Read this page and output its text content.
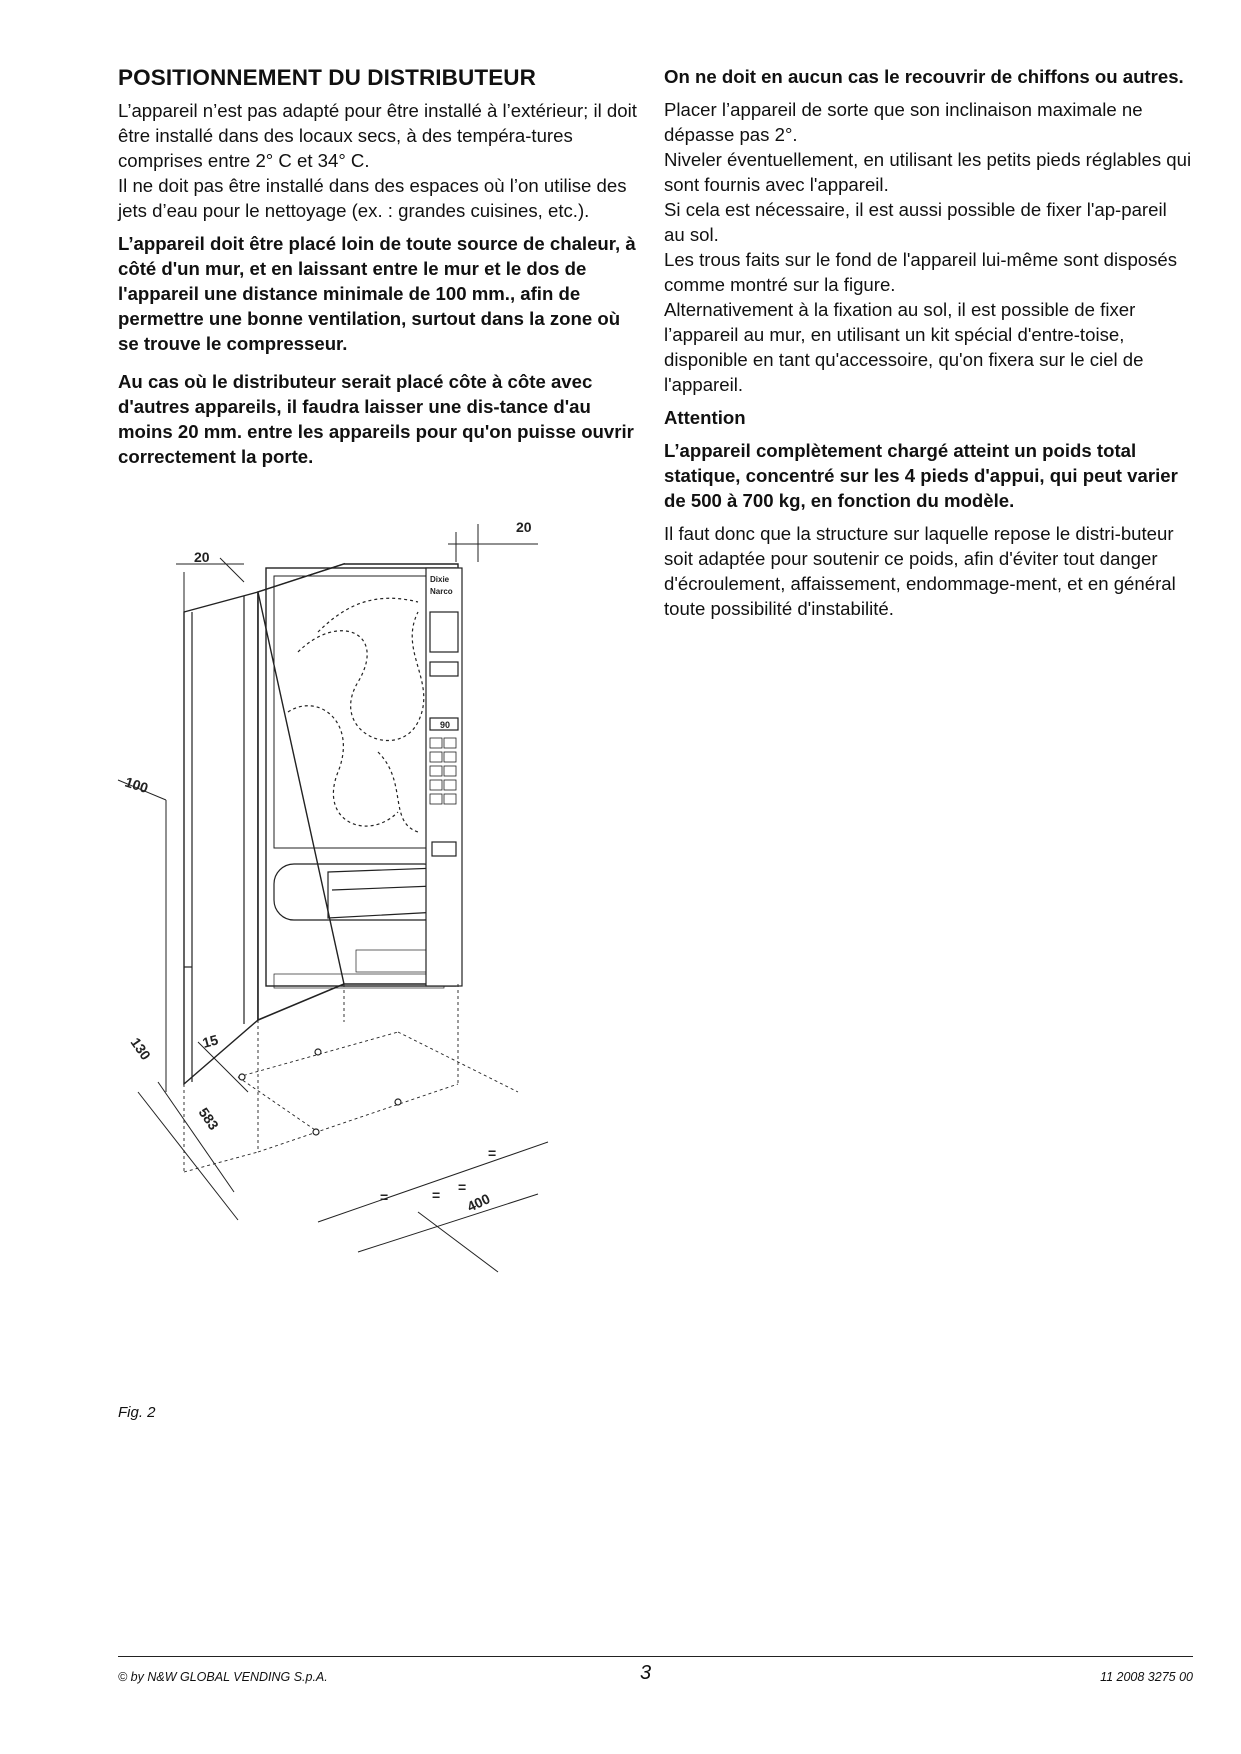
POSITIONNEMENT DU DISTRIBUTEUR

L’appareil n’est pas adapté pour être installé à l’extérieur; il doit être installé dans des locaux secs, à des tempéra-tures comprises entre 2° C et 34° C.

Il ne doit pas être installé dans des espaces où l’on utilise des jets d’eau pour le nettoyage (ex. : grandes cuisines, etc.).

L’appareil doit être placé loin de toute source de chaleur, à côté d'un mur, et en laissant entre le mur et le dos de l'appareil une distance minimale de 100 mm., afin de permettre une bonne ventilation, surtout dans la zone où se trouve le compresseur.

Au cas où le distributeur serait placé côte à côte avec d'autres appareils, il faudra laisser une dis-tance d'au moins 20 mm. entre les appareils pour qu'on puisse ouvrir correctement la porte.

On ne doit en aucun cas le recouvrir de chiffons ou autres.

Placer l’appareil de sorte que son inclinaison maximale ne dépasse pas 2°.

Niveler éventuellement, en utilisant les petits pieds réglables qui sont fournis avec l'appareil.

Si cela est nécessaire, il est aussi possible de fixer l'ap-pareil au sol.

Les trous faits sur le fond de l'appareil lui-même sont disposés comme montré sur la figure.

Alternativement à la fixation au sol, il est possible de fixer l’appareil au mur, en utilisant un kit spécial d'entre-toise, disponible en tant qu'accessoire, qu'on fixera sur le ciel de l'appareil.

Attention

L’appareil complètement chargé atteint un poids total statique, concentré sur les 4 pieds d'appui, qui peut varier de 500 à 700 kg, en fonction du modèle.

Il faut donc que la structure sur laquelle repose le distri-buteur soit adaptée pour soutenir ce poids, afin d'éviter tout danger d'écroulement, affaissement, endommage-ment, et en général toute possibilité d'instabilité.

Dixie
Narco
90
20
20
100
130	15
583
400
=	= =
=
Fig. 2
© by N&W GLOBAL VENDING S.p.A.	3	11 2008 3275 00
